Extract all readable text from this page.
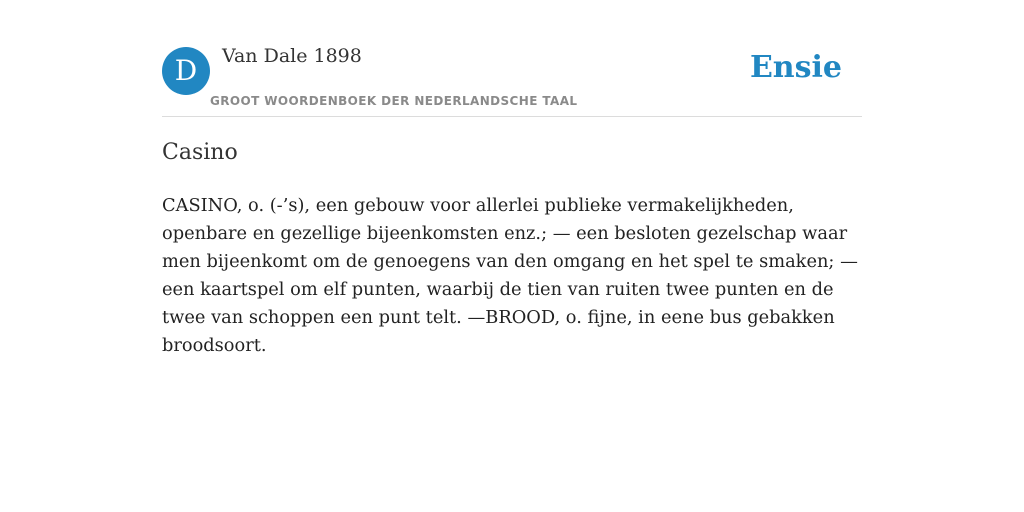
D	Van Dale 1898
GROOT WOORDENBOEK DER NEDERLANDSCHE TAAL
Ensie
Casino

CASINO, o. (-’s), een gebouw voor allerlei publieke vermakelijkheden, openbare en gezellige bijeenkomsten enz.; — een besloten gezelschap waar men bijeenkomt om de genoegens van den omgang en het spel te smaken; — een kaartspel om elf punten, waarbij de tien van ruiten twee punten en de twee van schoppen een punt telt. —BROOD, o. fijne, in eene bus gebakken broodsoort.
